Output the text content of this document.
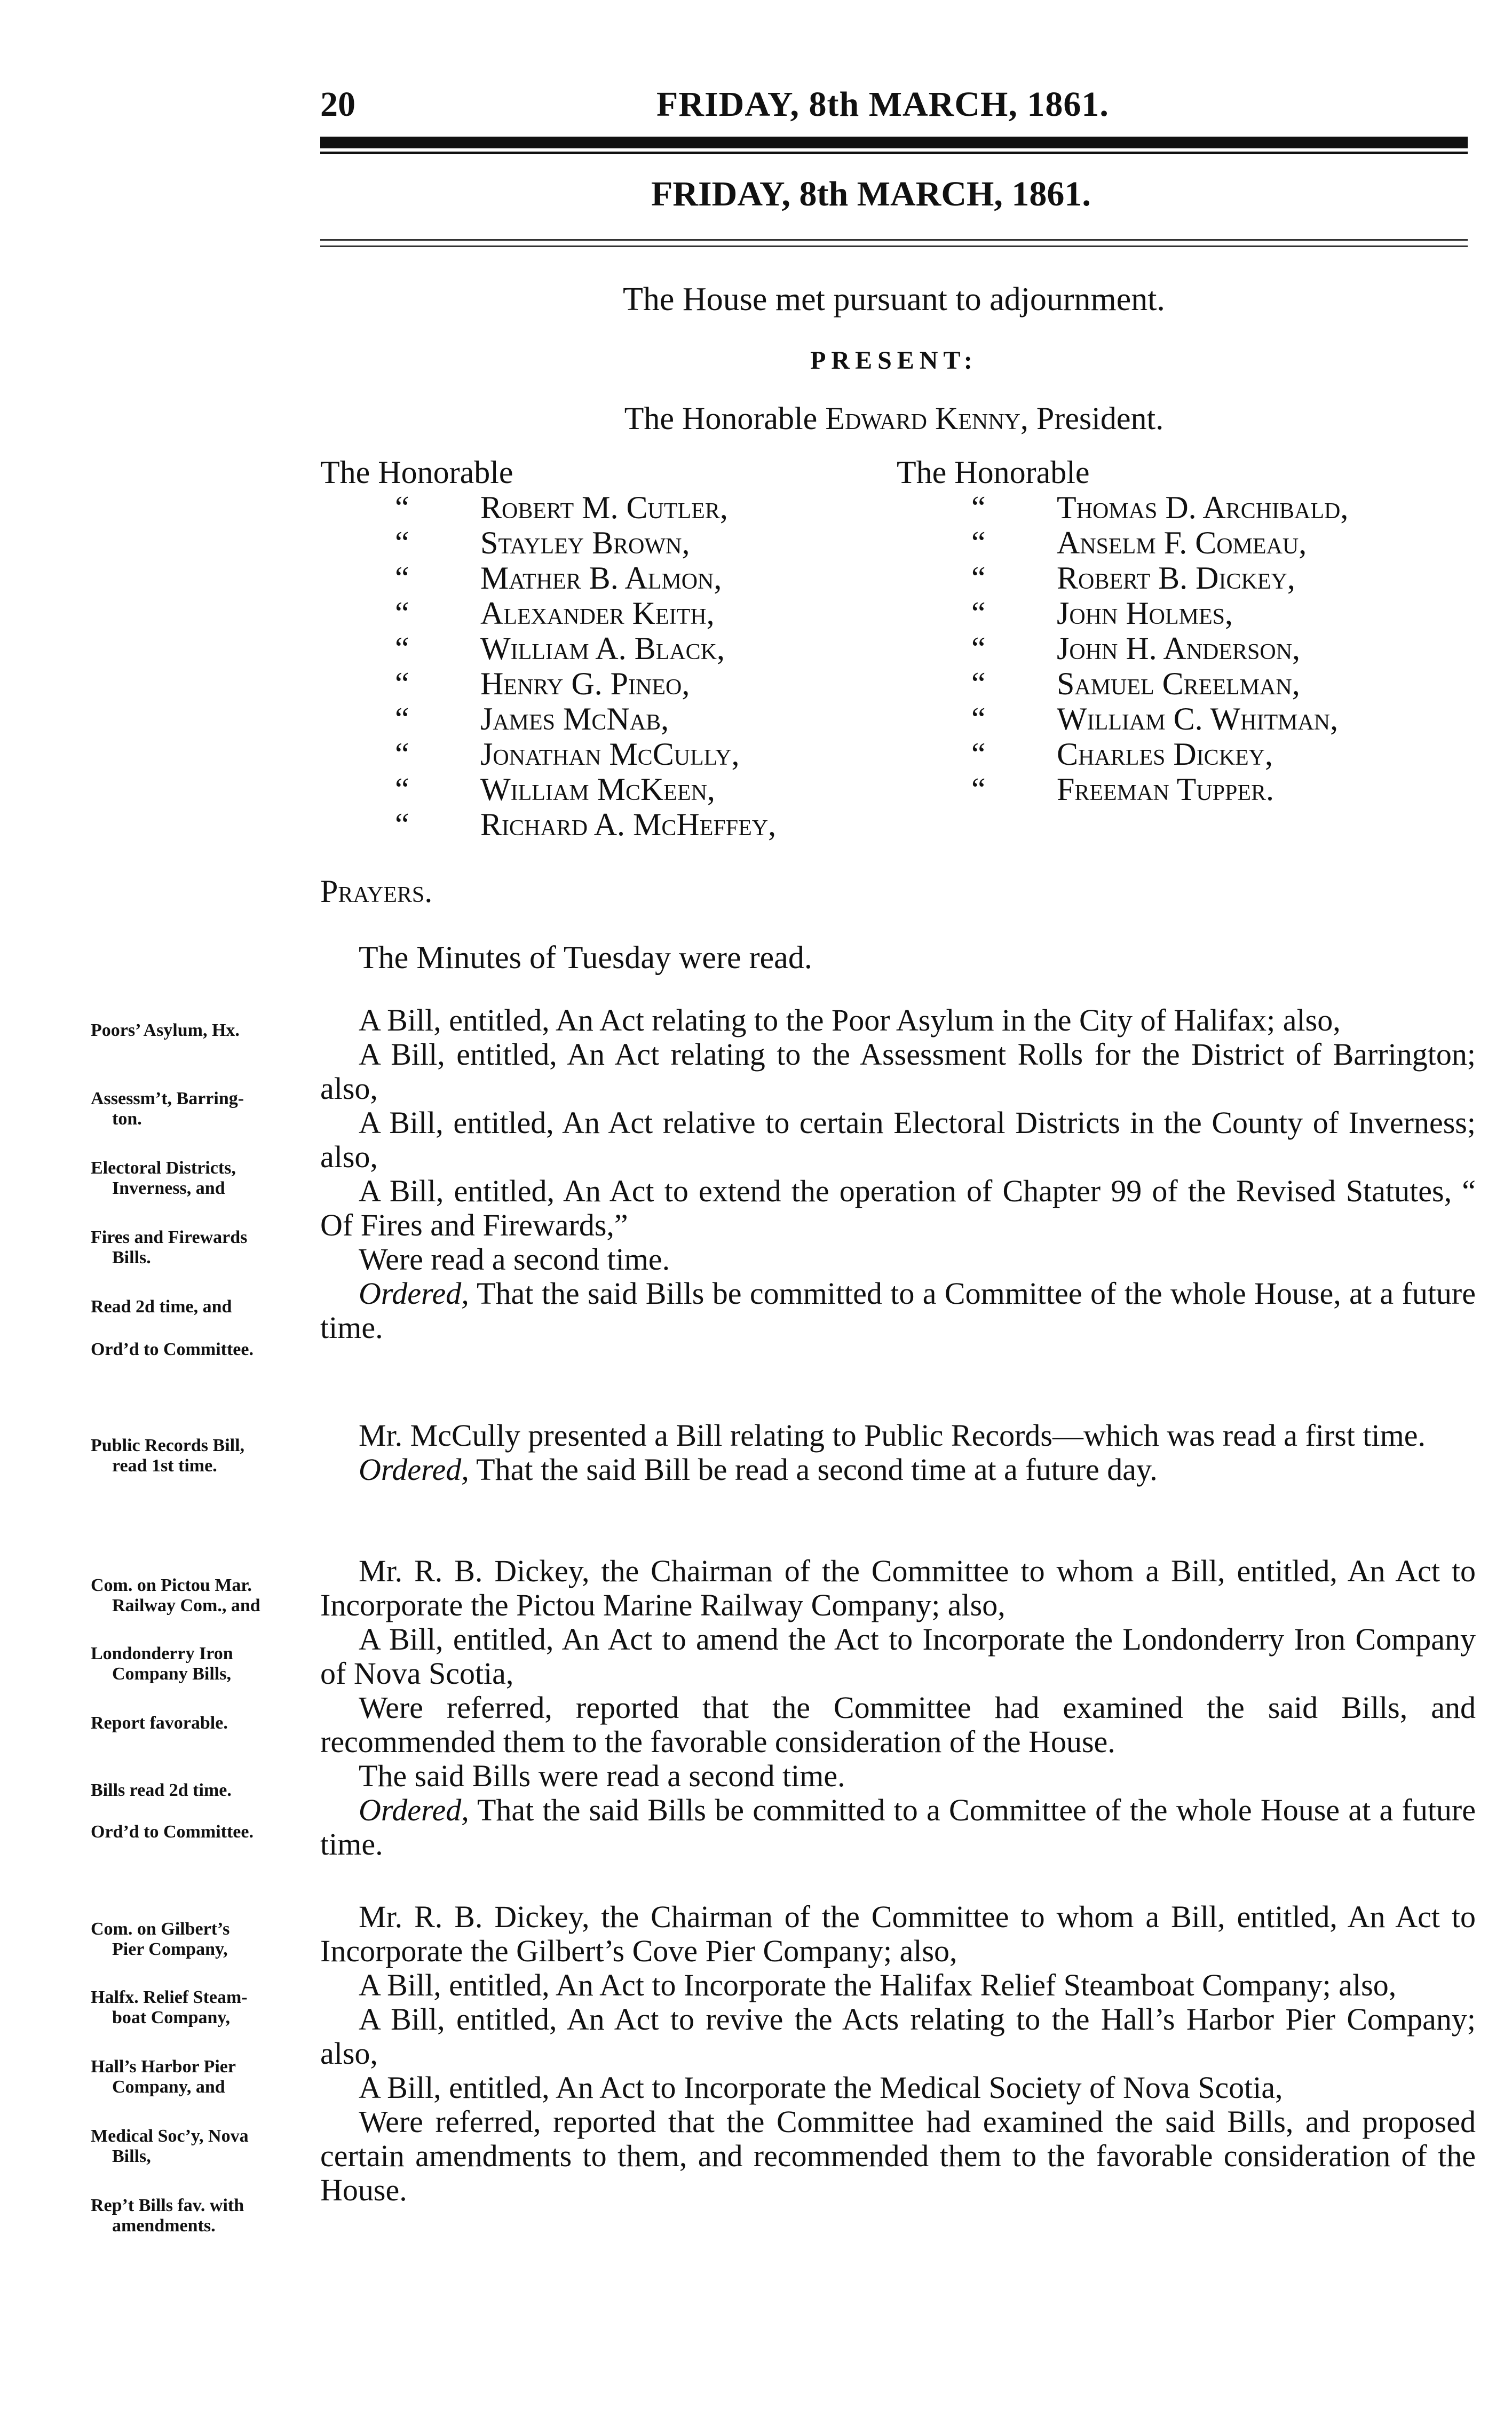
20	FRIDAY, 8th MARCH, 1861.
FRIDAY, 8th MARCH, 1861.
The House met pursuant to adjournment.
PRESENT:
The Honorable Edward Kenny, President.
The Honorable
“ Robert M. Cutler,
“ Stayley Brown,
“ Mather B. Almon,
“ Alexander Keith,
“ William A. Black,
“ Henry G. Pineo,
“ James McNab,
“ Jonathan McCully,
“ William McKeen,
“ Richard A. McHeffey,
The Honorable
“ Thomas D. Archibald,
“ Anselm F. Comeau,
“ Robert B. Dickey,
“ John Holmes,
“ John H. Anderson,
“ Samuel Creelman,
“ William C. Whitman,
“ Charles Dickey,
“ Freeman Tupper.
Prayers.
The Minutes of Tuesday were read.

A Bill, entitled, An Act relating to the Poor Asylum in the City of Halifax; also,

A Bill, entitled, An Act relating to the Assessment Rolls for the District of Barrington; also,

A Bill, entitled, An Act relative to certain Electoral Districts in the County of Inverness; also,

A Bill, entitled, An Act to extend the operation of Chapter 99 of the Revised Statutes, “ Of Fires and Firewards,”

Were read a second time.

Ordered, That the said Bills be committed to a Committee of the whole House, at a future time.

Mr. McCully presented a Bill relating to Public Records—which was read a first time.

Ordered, That the said Bill be read a second time at a future day.

Mr. R. B. Dickey, the Chairman of the Committee to whom a Bill, entitled, An Act to Incorporate the Pictou Marine Railway Company; also,

A Bill, entitled, An Act to amend the Act to Incorporate the Londonderry Iron Company of Nova Scotia,

Were referred, reported that the Committee had examined the said Bills, and recommended them to the favorable consideration of the House.

The said Bills were read a second time.

Ordered, That the said Bills be committed to a Committee of the whole House at a future time.

Mr. R. B. Dickey, the Chairman of the Committee to whom a Bill, entitled, An Act to Incorporate the Gilbert’s Cove Pier Company; also,

A Bill, entitled, An Act to Incorporate the Halifax Relief Steamboat Company; also,

A Bill, entitled, An Act to revive the Acts relating to the Hall’s Harbor Pier Company; also,

A Bill, entitled, An Act to Incorporate the Medical Society of Nova Scotia,

Were referred, reported that the Committee had examined the said Bills, and proposed certain amendments to them, and recommended them to the favorable consideration of the House.

Poors’ Asylum, Hx.
Assessm’t, Barring-
ton.
Electoral Districts,
Inverness, and
Fires and Firewards
Bills.
Read 2d time, and
Ord’d to Committee.
Public Records Bill,
read 1st time.
Com. on Pictou Mar.
Railway Com., and
Londonderry Iron
Company Bills,
Report favorable.
Bills read 2d time.
Ord’d to Committee.
Com. on Gilbert’s
Pier Company,
Halfx. Relief Steam-
boat Company,
Hall’s Harbor Pier
Company, and
Medical Soc’y, Nova
Bills,
Rep’t Bills fav. with
amendments.
